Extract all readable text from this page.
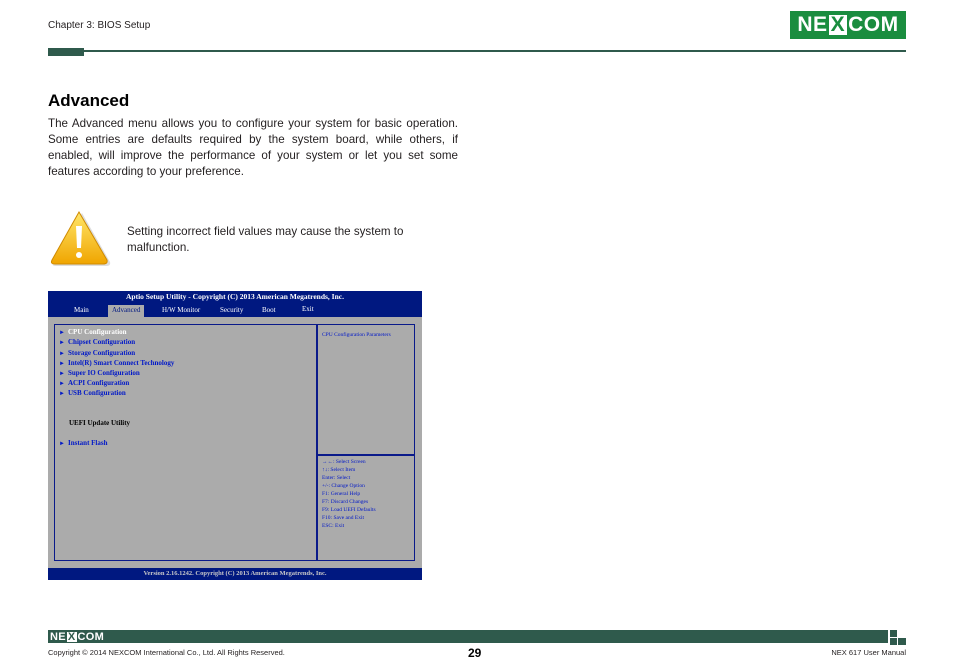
Chapter 3: BIOS Setup	NE X COM
Advanced
The Advanced menu allows you to configure your system for basic operation. Some entries are defaults required by the system board, while others, if enabled, will improve the performance of your system or let you set some features according to your preference.
Setting incorrect field values may cause the system to malfunction.
Aptio Setup Utility - Copyright (C) 2013 American Megatrends, Inc.
Main	Advanced	H/W Monitor	Security	Boot	Exit
► CPU Configuration
► Chipset Configuration
► Storage Configuration
► Intel(R) Smart Connect Technology
► Super IO Configuration
► ACPI Configuration
► USB Configuration
UEFI Update Utility
► Instant Flash
CPU Configuration Parameters
→←: Select Screen
↑↓: Select Item
Enter: Select
+/-: Change Option
F1: General Help
F7: Discard Changes
F9: Load UEFI Defaults
F10: Save and Exit
ESC: Exit
Version 2.16.1242. Copyright (C) 2013 American Megatrends, Inc.
NE X COM
Copyright © 2014 NEXCOM International Co., Ltd. All Rights Reserved.	29	NEX 617 User Manual
